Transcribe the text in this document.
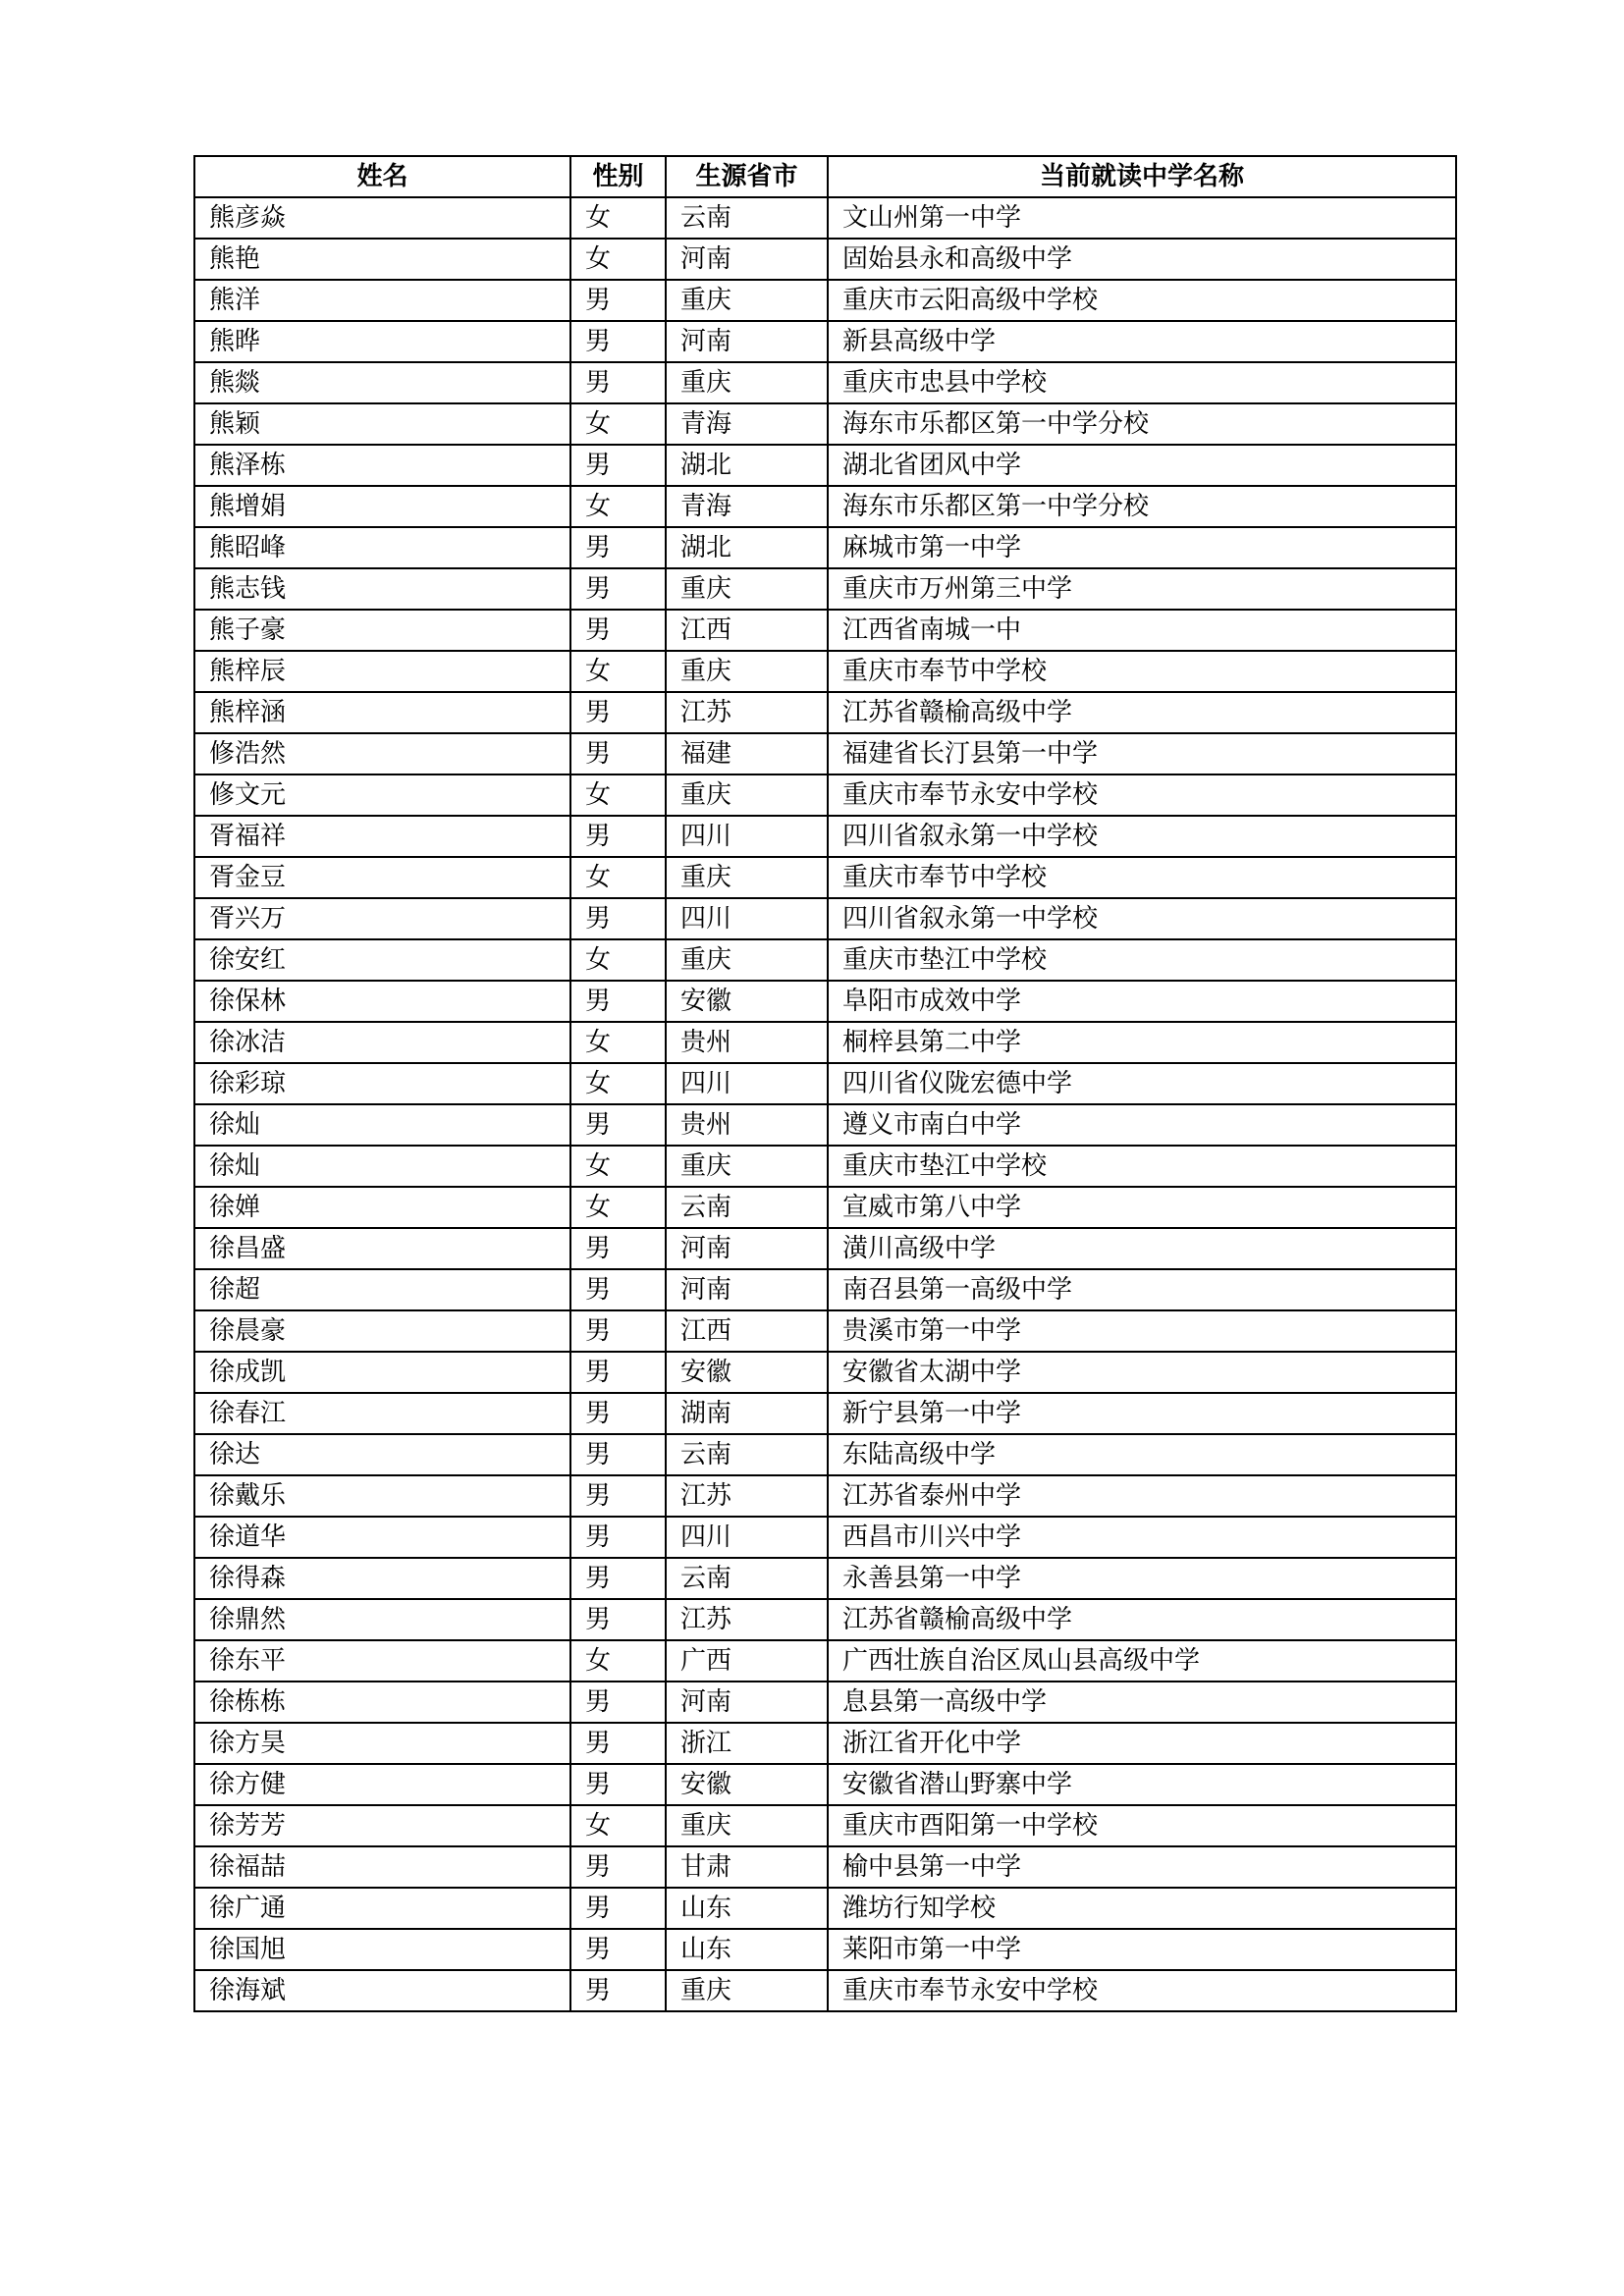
姓名	性别	生源省市	当前就读中学名称
熊彦焱	女	云南	文山州第一中学
熊艳	女	河南	固始县永和高级中学
熊洋	男	重庆	重庆市云阳高级中学校
熊晔	男	河南	新县高级中学
熊燚	男	重庆	重庆市忠县中学校
熊颖	女	青海	海东市乐都区第一中学分校
熊泽栋	男	湖北	湖北省团风中学
熊增娟	女	青海	海东市乐都区第一中学分校
熊昭峰	男	湖北	麻城市第一中学
熊志钱	男	重庆	重庆市万州第三中学
熊子豪	男	江西	江西省南城一中
熊梓辰	女	重庆	重庆市奉节中学校
熊梓涵	男	江苏	江苏省赣榆高级中学
修浩然	男	福建	福建省长汀县第一中学
修文元	女	重庆	重庆市奉节永安中学校
胥福祥	男	四川	四川省叙永第一中学校
胥金豆	女	重庆	重庆市奉节中学校
胥兴万	男	四川	四川省叙永第一中学校
徐安红	女	重庆	重庆市垫江中学校
徐保林	男	安徽	阜阳市成效中学
徐冰洁	女	贵州	桐梓县第二中学
徐彩琼	女	四川	四川省仪陇宏德中学
徐灿	男	贵州	遵义市南白中学
徐灿	女	重庆	重庆市垫江中学校
徐婵	女	云南	宣威市第八中学
徐昌盛	男	河南	潢川高级中学
徐超	男	河南	南召县第一高级中学
徐晨豪	男	江西	贵溪市第一中学
徐成凯	男	安徽	安徽省太湖中学
徐春江	男	湖南	新宁县第一中学
徐达	男	云南	东陆高级中学
徐戴乐	男	江苏	江苏省泰州中学
徐道华	男	四川	西昌市川兴中学
徐得森	男	云南	永善县第一中学
徐鼎然	男	江苏	江苏省赣榆高级中学
徐东平	女	广西	广西壮族自治区凤山县高级中学
徐栋栋	男	河南	息县第一高级中学
徐方昊	男	浙江	浙江省开化中学
徐方健	男	安徽	安徽省潜山野寨中学
徐芳芳	女	重庆	重庆市酉阳第一中学校
徐福喆	男	甘肃	榆中县第一中学
徐广通	男	山东	潍坊行知学校
徐国旭	男	山东	莱阳市第一中学
徐海斌	男	重庆	重庆市奉节永安中学校
